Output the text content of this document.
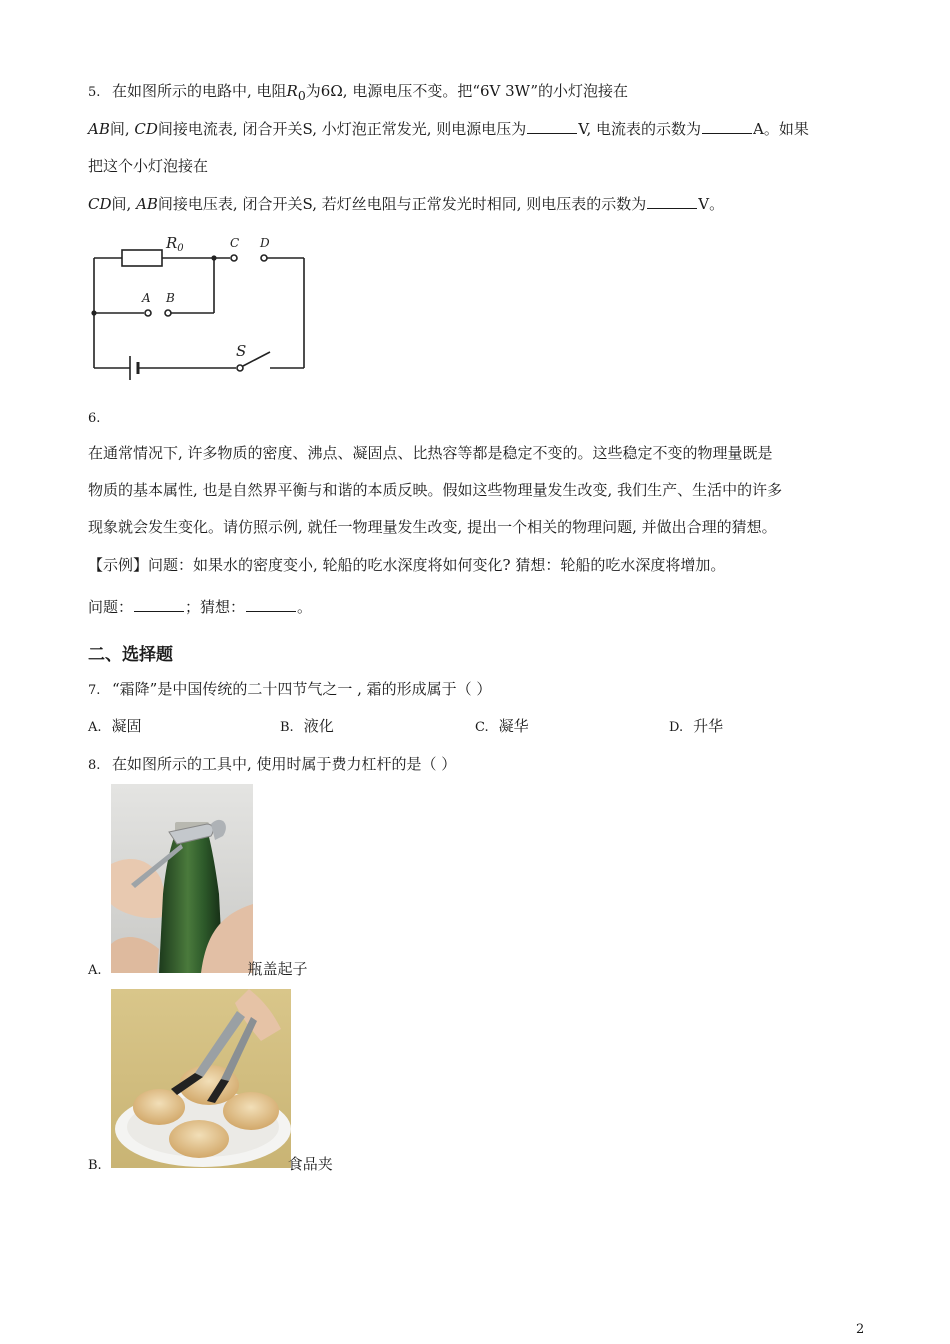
5. 在如图所示的电路中, 电阻$R_0$为6Ω, 电源电压不变。把“6V 3W”的小灯泡接在
AB间, CD间接电流表, 闭合开关S, 小灯泡正常发光, 则电源电压为	V, 电流表的示数为	A。如果
把这个小灯泡接在
CD间, AB间接电压表, 闭合开关S, 若灯丝电阻与正常发光时相同, 则电压表的示数为	V。
$R_0$	C D
A B
S
6.
在通常情况下, 许多物质的密度、沸点、凝固点、比热容等都是稳定不变的。这些稳定不变的物理量既是
物质的基本属性, 也是自然界平衡与和谐的本质反映。假如这些物理量发生改变, 我们生产、生活中的许多
现象就会发生变化。请仿照示例, 就任一物理量发生改变, 提出一个相关的物理问题, 并做出合理的猜想。
【示例】问题：如果水的密度变小, 轮船的吃水深度将如何变化? 猜想：轮船的吃水深度将增加。
问题：	；猜想：	。
二、选择题
7. “霜降”是中国传统的二十四节气之一 , 霜的形成属于（ ）
A. 凝固	B. 液化	C. 凝华	D. 升华
8. 在如图所示的工具中, 使用时属于费力杠杆的是（ ）
A.	瓶盖起子
B.	食品夹
2
